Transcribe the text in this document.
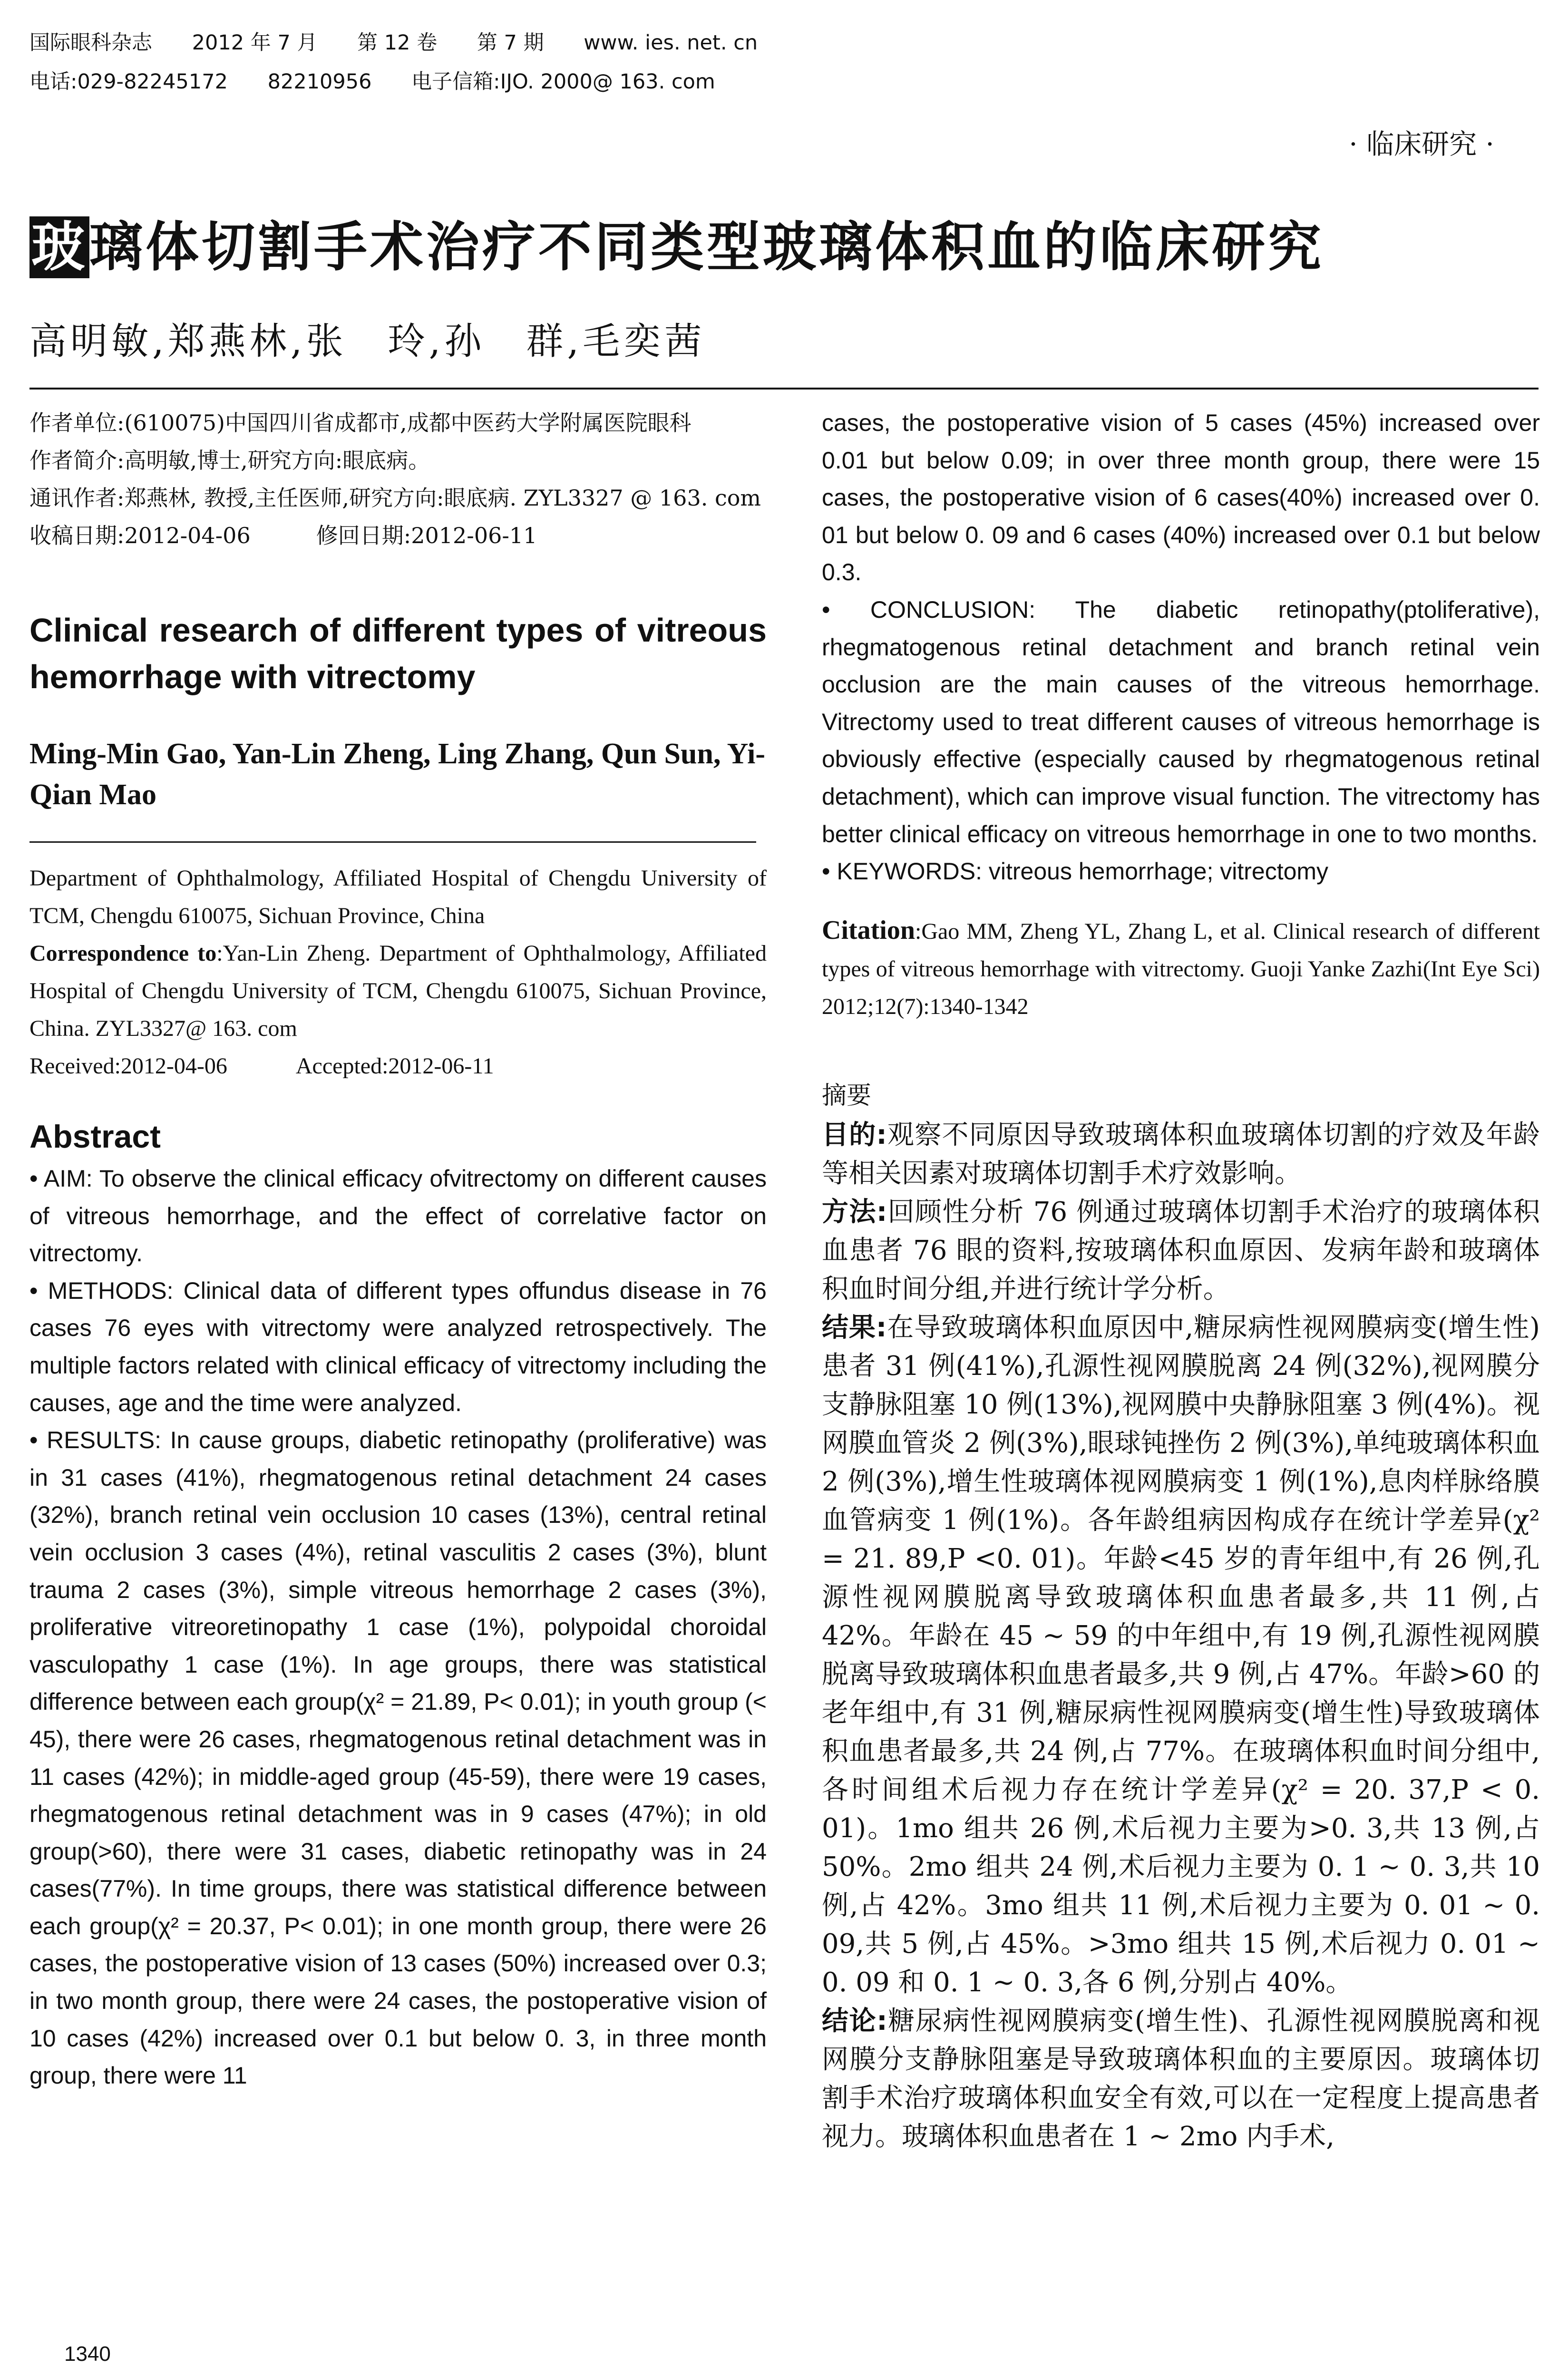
国际眼科杂志 2012 年 7 月 第 12 卷 第 7 期 www. ies. net. cn
电话:029-82245172 82210956 电子信箱:IJO. 2000@ 163. com
· 临床研究 ·
玻璃体切割手术治疗不同类型玻璃体积血的临床研究
高明敏,郑燕林,张　玲,孙　群,毛奕茜

作者单位:(610075)中国四川省成都市,成都中医药大学附属医院眼科

作者简介:高明敏,博士,研究方向:眼底病。

通讯作者:郑燕林, 教授,主任医师,研究方向:眼底病. ZYL3327 @ 163. com

收稿日期:2012-04-06　　　修回日期:2012-06-11

Clinical research of different types of vitreous hemorrhage with vitrectomy
Ming-Min Gao, Yan-Lin Zheng, Ling Zhang, Qun Sun, Yi-Qian Mao

Department of Ophthalmology, Affiliated Hospital of Chengdu University of TCM, Chengdu 610075, Sichuan Province, China

Correspondence to:Yan-Lin Zheng. Department of Ophthalmology, Affiliated Hospital of Chengdu University of TCM, Chengdu 610075, Sichuan Province, China. ZYL3327@ 163. com

Received:2012-04-06　　　Accepted:2012-06-11

Abstract

• AIM: To observe the clinical efficacy ofvitrectomy on different causes of vitreous hemorrhage, and the effect of correlative factor on vitrectomy.

• METHODS: Clinical data of different types offundus disease in 76 cases 76 eyes with vitrectomy were analyzed retrospectively. The multiple factors related with clinical efficacy of vitrectomy including the causes, age and the time were analyzed.

• RESULTS: In cause groups, diabetic retinopathy (proliferative) was in 31 cases (41%), rhegmatogenous retinal detachment 24 cases (32%), branch retinal vein occlusion 10 cases (13%), central retinal vein occlusion 3 cases (4%), retinal vasculitis 2 cases (3%), blunt trauma 2 cases (3%), simple vitreous hemorrhage 2 cases (3%), proliferative vitreoretinopathy 1 case (1%), polypoidal choroidal vasculopathy 1 case (1%). In age groups, there was statistical difference between each group(χ² = 21.89, P< 0.01); in youth group (< 45), there were 26 cases, rhegmatogenous retinal detachment was in 11 cases (42%); in middle-aged group (45-59), there were 19 cases, rhegmatogenous retinal detachment was in 9 cases (47%); in old group(>60), there were 31 cases, diabetic retinopathy was in 24 cases(77%). In time groups, there was statistical difference between each group(χ² = 20.37, P< 0.01); in one month group, there were 26 cases, the postoperative vision of 13 cases (50%) increased over 0.3; in two month group, there were 24 cases, the postoperative vision of 10 cases (42%) increased over 0.1 but below 0. 3, in three month group, there were 11

cases, the postoperative vision of 5 cases (45%) increased over 0.01 but below 0.09; in over three month group, there were 15 cases, the postoperative vision of 6 cases(40%) increased over 0. 01 but below 0. 09 and 6 cases (40%) increased over 0.1 but below 0.3.

• CONCLUSION: The diabetic retinopathy(ptoliferative), rhegmatogenous retinal detachment and branch retinal vein occlusion are the main causes of the vitreous hemorrhage. Vitrectomy used to treat different causes of vitreous hemorrhage is obviously effective (especially caused by rhegmatogenous retinal detachment), which can improve visual function. The vitrectomy has better clinical efficacy on vitreous hemorrhage in one to two months.

• KEYWORDS: vitreous hemorrhage; vitrectomy

Citation:Gao MM, Zheng YL, Zhang L, et al. Clinical research of different types of vitreous hemorrhage with vitrectomy. Guoji Yanke Zazhi(Int Eye Sci) 2012;12(7):1340-1342

摘要

目的:观察不同原因导致玻璃体积血玻璃体切割的疗效及年龄等相关因素对玻璃体切割手术疗效影响。

方法:回顾性分析 76 例通过玻璃体切割手术治疗的玻璃体积血患者 76 眼的资料,按玻璃体积血原因、发病年龄和玻璃体积血时间分组,并进行统计学分析。

结果:在导致玻璃体积血原因中,糖尿病性视网膜病变(增生性)患者 31 例(41%),孔源性视网膜脱离 24 例(32%),视网膜分支静脉阻塞 10 例(13%),视网膜中央静脉阻塞 3 例(4%)。视网膜血管炎 2 例(3%),眼球钝挫伤 2 例(3%),单纯玻璃体积血 2 例(3%),增生性玻璃体视网膜病变 1 例(1%),息肉样脉络膜血管病变 1 例(1%)。各年龄组病因构成存在统计学差异(χ² = 21. 89,P <0. 01)。年龄<45 岁的青年组中,有 26 例,孔源性视网膜脱离导致玻璃体积血患者最多,共 11 例,占 42%。年龄在 45 ~ 59 的中年组中,有 19 例,孔源性视网膜脱离导致玻璃体积血患者最多,共 9 例,占 47%。年龄>60 的老年组中,有 31 例,糖尿病性视网膜病变(增生性)导致玻璃体积血患者最多,共 24 例,占 77%。在玻璃体积血时间分组中,各时间组术后视力存在统计学差异(χ² = 20. 37,P < 0. 01)。1mo 组共 26 例,术后视力主要为>0. 3,共 13 例,占 50%。2mo 组共 24 例,术后视力主要为 0. 1 ~ 0. 3,共 10 例,占 42%。3mo 组共 11 例,术后视力主要为 0. 01 ~ 0. 09,共 5 例,占 45%。>3mo 组共 15 例,术后视力 0. 01 ~ 0. 09 和 0. 1 ~ 0. 3,各 6 例,分别占 40%。

结论:糖尿病性视网膜病变(增生性)、孔源性视网膜脱离和视网膜分支静脉阻塞是导致玻璃体积血的主要原因。玻璃体切割手术治疗玻璃体积血安全有效,可以在一定程度上提高患者视力。玻璃体积血患者在 1 ~ 2mo 内手术,

1340
